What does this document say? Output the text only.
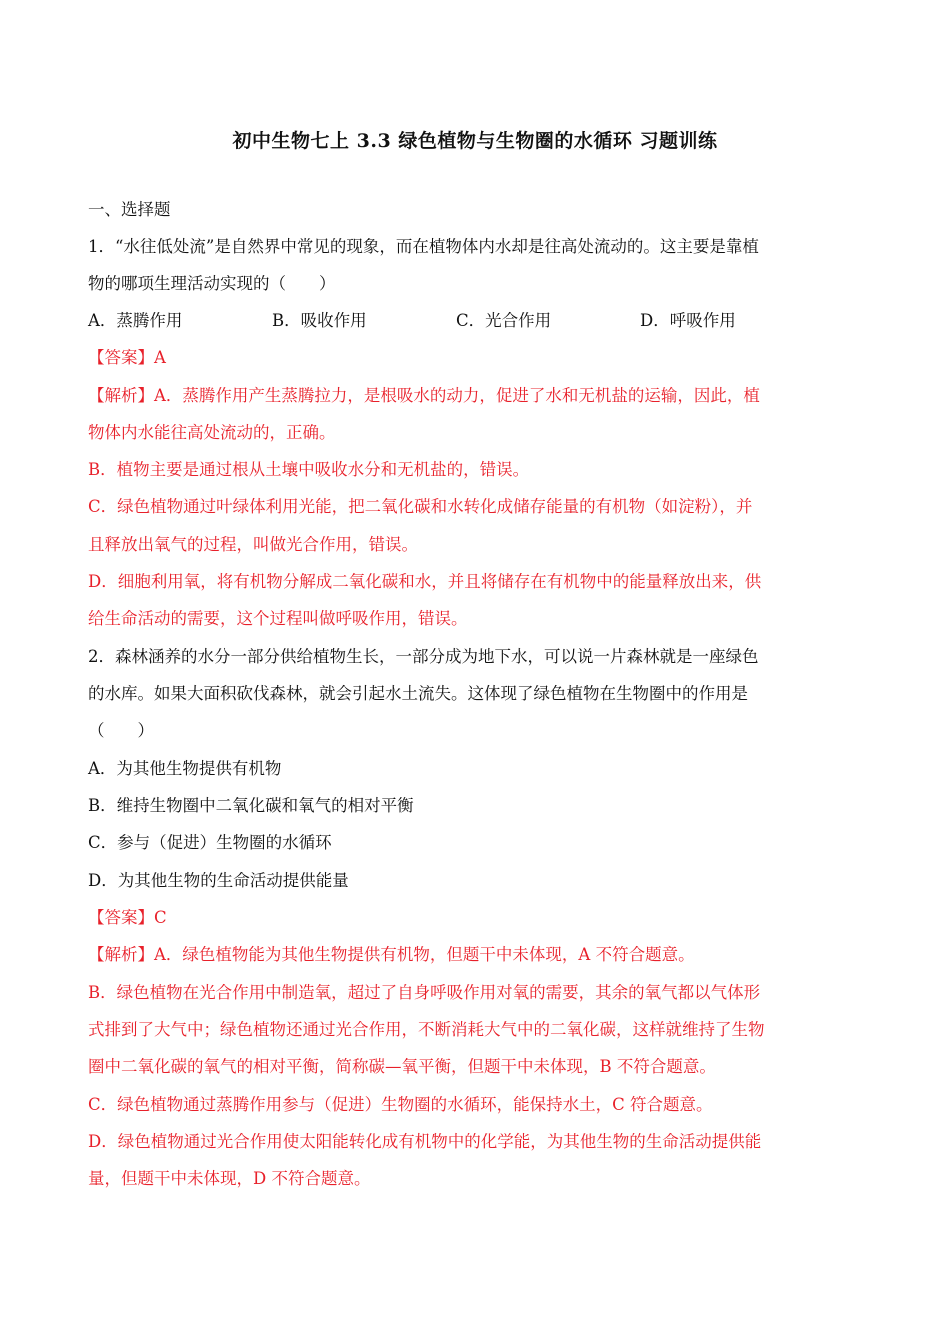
初中生物七上 3.3 绿色植物与生物圈的水循环 习题训练
一、选择题
1．“水往低处流”是自然界中常见的现象，而在植物体内水却是往高处流动的。这主要是靠植
物的哪项生理活动实现的（　　）
A．蒸腾作用	B．吸收作用	C．光合作用	D．呼吸作用
【答案】A
【解析】A．蒸腾作用产生蒸腾拉力，是根吸水的动力，促进了水和无机盐的运输，因此，植
物体内水能往高处流动的，正确。
B．植物主要是通过根从土壤中吸收水分和无机盐的，错误。
C．绿色植物通过叶绿体利用光能，把二氧化碳和水转化成储存能量的有机物（如淀粉），并
且释放出氧气的过程，叫做光合作用，错误。
D．细胞利用氧，将有机物分解成二氧化碳和水，并且将储存在有机物中的能量释放出来，供
给生命活动的需要，这个过程叫做呼吸作用，错误。
2．森林涵养的水分一部分供给植物生长，一部分成为地下水，可以说一片森林就是一座绿色
的水库。如果大面积砍伐森林，就会引起水土流失。这体现了绿色植物在生物圈中的作用是
（　　）
A．为其他生物提供有机物
B．维持生物圈中二氧化碳和氧气的相对平衡
C．参与（促进）生物圈的水循环
D．为其他生物的生命活动提供能量
【答案】C
【解析】A．绿色植物能为其他生物提供有机物，但题干中未体现，A 不符合题意。
B．绿色植物在光合作用中制造氧，超过了自身呼吸作用对氧的需要，其余的氧气都以气体形
式排到了大气中；绿色植物还通过光合作用，不断消耗大气中的二氧化碳，这样就维持了生物
圈中二氧化碳的氧气的相对平衡，简称碳—氧平衡，但题干中未体现，B 不符合题意。
C．绿色植物通过蒸腾作用参与（促进）生物圈的水循环，能保持水土，C 符合题意。
D．绿色植物通过光合作用使太阳能转化成有机物中的化学能，为其他生物的生命活动提供能
量，但题干中未体现，D 不符合题意。
